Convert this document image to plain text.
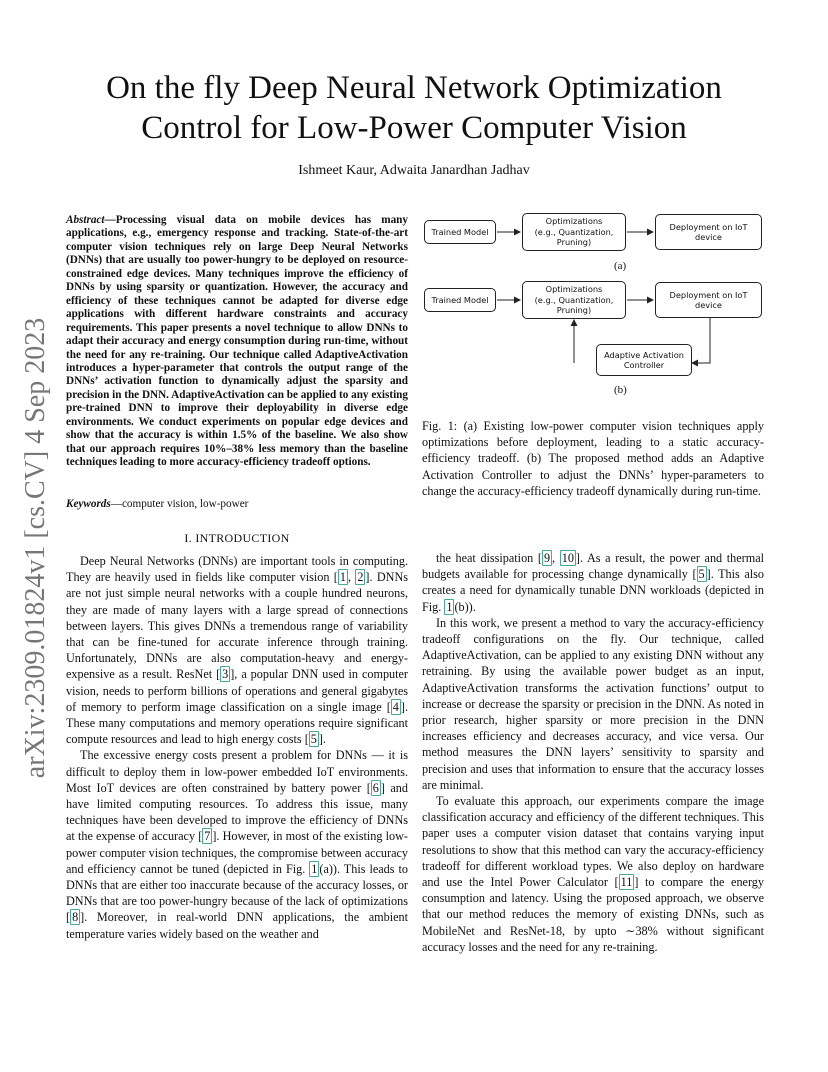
On the fly Deep Neural Network Optimization
Control for Low-Power Computer Vision
Ishmeet Kaur, Adwaita Janardhan Jadhav
arXiv:2309.01824v1 [cs.CV] 4 Sep 2023
Abstract—Processing visual data on mobile devices has many applications, e.g., emergency response and tracking. State-of-the-art computer vision techniques rely on large Deep Neural Networks (DNNs) that are usually too power-hungry to be deployed on resource-constrained edge devices. Many techniques improve the efficiency of DNNs by using sparsity or quantization. However, the accuracy and efficiency of these techniques cannot be adapted for diverse edge applications with different hardware constraints and accuracy requirements. This paper presents a novel technique to allow DNNs to adapt their accuracy and energy consumption during run-time, without the need for any re-training. Our technique called AdaptiveActivation introduces a hyper-parameter that controls the output range of the DNNs’ activation function to dynamically adjust the sparsity and precision in the DNN. AdaptiveActivation can be applied to any existing pre-trained DNN to improve their deployability in diverse edge environments. We conduct experiments on popular edge devices and show that the accuracy is within 1.5% of the baseline. We also show that our approach requires 10%–38% less memory than the baseline techniques leading to more accuracy-efficiency tradeoff options.
Keywords—computer vision, low-power
I. INTRODUCTION

Deep Neural Networks (DNNs) are important tools in computing. They are heavily used in fields like computer vision [ 1 , 2 ]. DNNs are not just simple neural networks with a couple hundred neurons, they are made of many layers with a large spread of connections between layers. This gives DNNs a tremendous range of variability that can be fine-tuned for accurate inference through training. Unfortunately, DNNs are also computation-heavy and energy-expensive as a result. ResNet [ 3 ], a popular DNN used in computer vision, needs to perform billions of operations and general gigabytes of memory to perform image classification on a single image [ 4 ]. These many computations and memory operations require significant compute resources and lead to high energy costs [ 5 ].

The excessive energy costs present a problem for DNNs — it is difficult to deploy them in low-power embedded IoT environments. Most IoT devices are often constrained by battery power [ 6 ] and have limited computing resources. To address this issue, many techniques have been developed to improve the efficiency of DNNs at the expense of accuracy [ 7 ]. However, in most of the existing low-power computer vision techniques, the compromise between accuracy and efficiency cannot be tuned (depicted in Fig. 1 (a)). This leads to DNNs that are either too inaccurate because of the accuracy losses, or DNNs that are too power-hungry because of the lack of optimizations [ 8 ]. Moreover, in real-world DNN applications, the ambient temperature varies widely based on the weather and

Trained Model
Optimizations
(e.g., Quantization,
Pruning)
Deployment on IoT device
(a)
Trained Model
Optimizations
(e.g., Quantization,
Pruning)
Deployment on IoT device
Adaptive Activation
Controller
(b)
Fig. 1: (a) Existing low-power computer vision techniques apply optimizations before deployment, leading to a static accuracy-efficiency tradeoff. (b) The proposed method adds an Adaptive Activation Controller to adjust the DNNs’ hyper-parameters to change the accuracy-efficiency tradeoff dynamically during run-time.

the heat dissipation [ 9 , 10 ]. As a result, the power and thermal budgets available for processing change dynamically [ 5 ]. This also creates a need for dynamically tunable DNN workloads (depicted in Fig. 1 (b)).

In this work, we present a method to vary the accuracy-efficiency tradeoff configurations on the fly. Our technique, called AdaptiveActivation, can be applied to any existing DNN without any retraining. By using the available power budget as an input, AdaptiveActivation transforms the activation functions’ output to increase or decrease the sparsity or precision in the DNN. As noted in prior research, higher sparsity or more precision in the DNN increases efficiency and decreases accuracy, and vice versa. Our method measures the DNN layers’ sensitivity to sparsity and precision and uses that information to ensure that the accuracy losses are minimal.

To evaluate this approach, our experiments compare the image classification accuracy and efficiency of the different techniques. This paper uses a computer vision dataset that contains varying input resolutions to show that this method can vary the accuracy-efficiency tradeoff for different workload types. We also deploy on hardware and use the Intel Power Calculator [ 11 ] to compare the energy consumption and latency. Using the proposed approach, we observe that our method reduces the memory of existing DNNs, such as MobileNet and ResNet-18, by upto ∼38% without significant accuracy losses and the need for any re-training.
